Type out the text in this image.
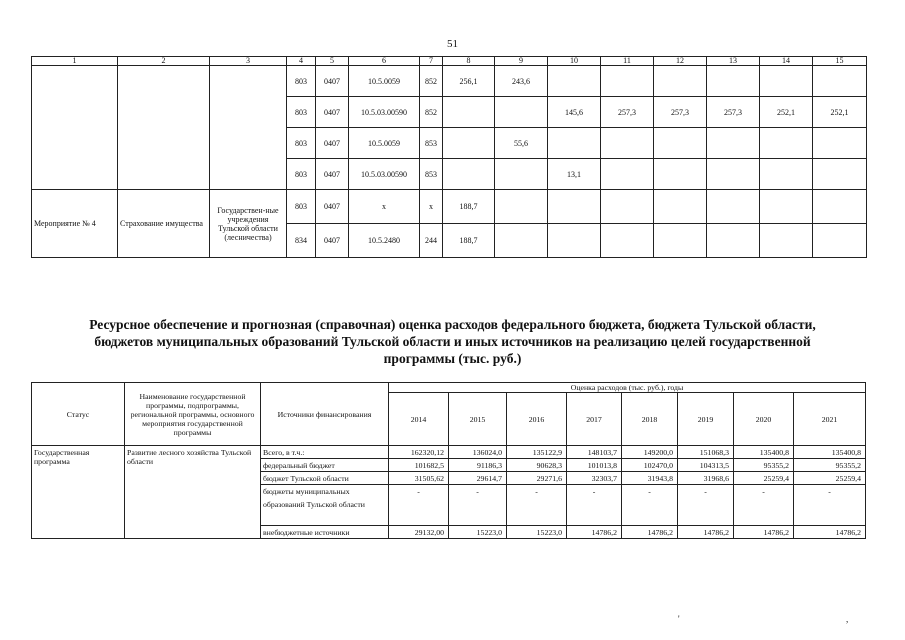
51
1	2	3	4	5	6	7	8	9	10	11	12	13	14	15
			803	0407	10.5.0059	852	256,1	243,6						
			803	0407	10.5.03.00590	852			145,6	257,3	257,3	257,3	252,1	252,1
			803	0407	10.5.0059	853		55,6						
			803	0407	10.5.03.00590	853			13,1					
Мероприятие № 4	Страхование имущества	Государствен-ные учреждения Тульской области (лесничества)	803	0407	х	х	188,7							
			834	0407	10.5.2480	244	188,7							
Ресурсное обеспечение и прогнозная (справочная) оценка расходов федерального бюджета, бюджета Тульской области, бюджетов муниципальных образований Тульской области и иных источников на реализацию целей государственной программы (тыс. руб.)
Статус	Наименование государственной программы, подпрограммы, региональной программы, основного мероприятия государственной программы	Источники финансирования	Оценка расходов (тыс. руб.), годы							
			2014	2015	2016	2017	2018	2019	2020	2021
Государственная программа	Развитие лесного хозяйства Тульской области	Всего, в т.ч.:	162320,12	136024,0	135122,9	148103,7	149200,0	151068,3	135400,8	135400,8
		федеральный бюджет	101682,5	91186,3	90628,3	101013,8	102470,0	104313,5	95355,2	95355,2
		бюджет Тульской области	31505,62	29614,7	29271,6	32303,7	31943,8	31968,6	25259,4	25259,4
		бюджеты муниципальных образований Тульской области	-	-	-	-	-	-	-	-
		внебюджетные источники	29132,00	15223,0	15223,0	14786,2	14786,2	14786,2	14786,2	14786,2
'	,
